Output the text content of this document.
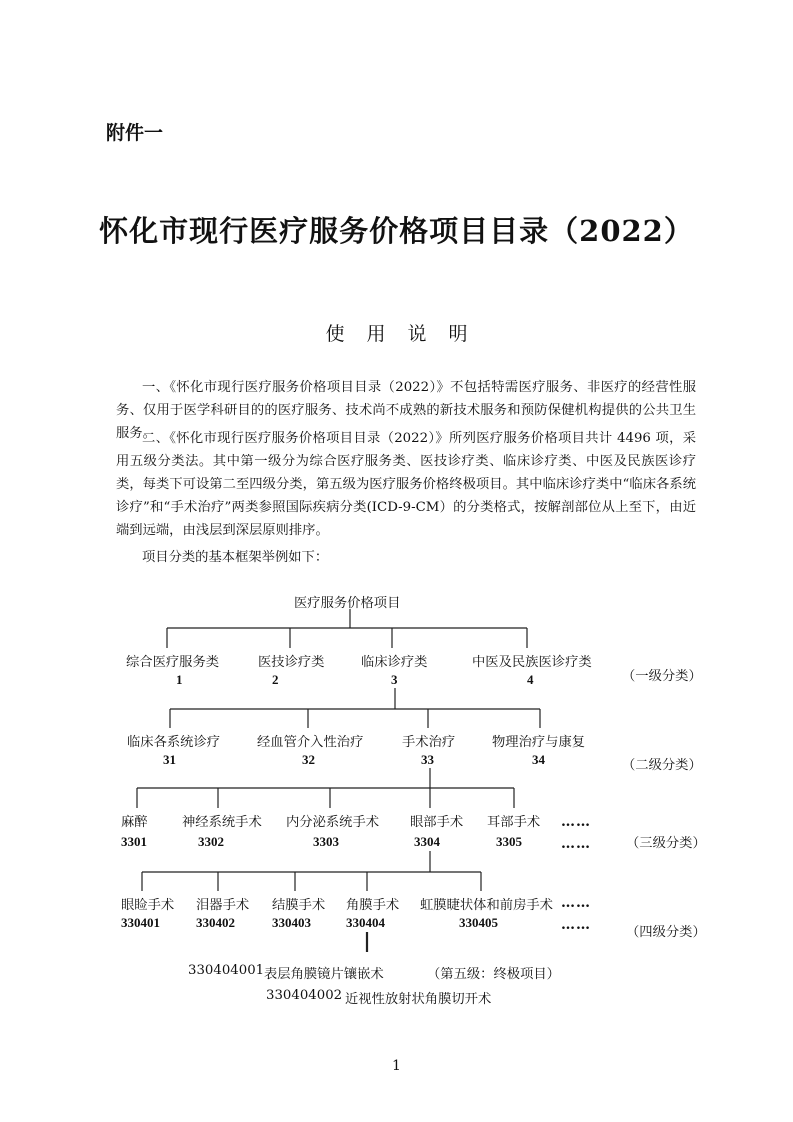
附件一
怀化市现行医疗服务价格项目目录（2022）
使用说明
一、《怀化市现行医疗服务价格项目目录（2022）》不包括特需医疗服务、非医疗的经营性服务、仅用于医学科研目的的医疗服务、技术尚不成熟的新技术服务和预防保健机构提供的公共卫生服务。
二、《怀化市现行医疗服务价格项目目录（2022）》所列医疗服务价格项目共计 4496 项，采用五级分类法。其中第一级分为综合医疗服务类、医技诊疗类、临床诊疗类、中医及民族医诊疗类，每类下可设第二至四级分类，第五级为医疗服务价格终极项目。其中临床诊疗类中“临床各系统诊疗”和“手术治疗”两类参照国际疾病分类(ICD-9-CM）的分类格式，按解剖部位从上至下，由近端到远端，由浅层到深层原则排序。
项目分类的基本框架举例如下：
医疗服务价格项目
综合医疗服务类
1
医技诊疗类
2
临床诊疗类
3
中医及民族医诊疗类
4	（一级分类）
临床各系统诊疗
31
经血管介入性治疗
32
手术治疗
33
物理治疗与康复
34	（二级分类）
麻醉
3301
神经系统手术
3302
内分泌系统手术
3303
眼部手术
3304
耳部手术
3305
……
……	（三级分类）
眼睑手术
330401
泪器手术
330402
结膜手术
330403
角膜手术
330404
虹膜睫状体和前房手术
330405
……
……	（四级分类）
330404001 表层角膜镜片镶嵌术	（第五级：终极项目）
330404002 近视性放射状角膜切开术
1
